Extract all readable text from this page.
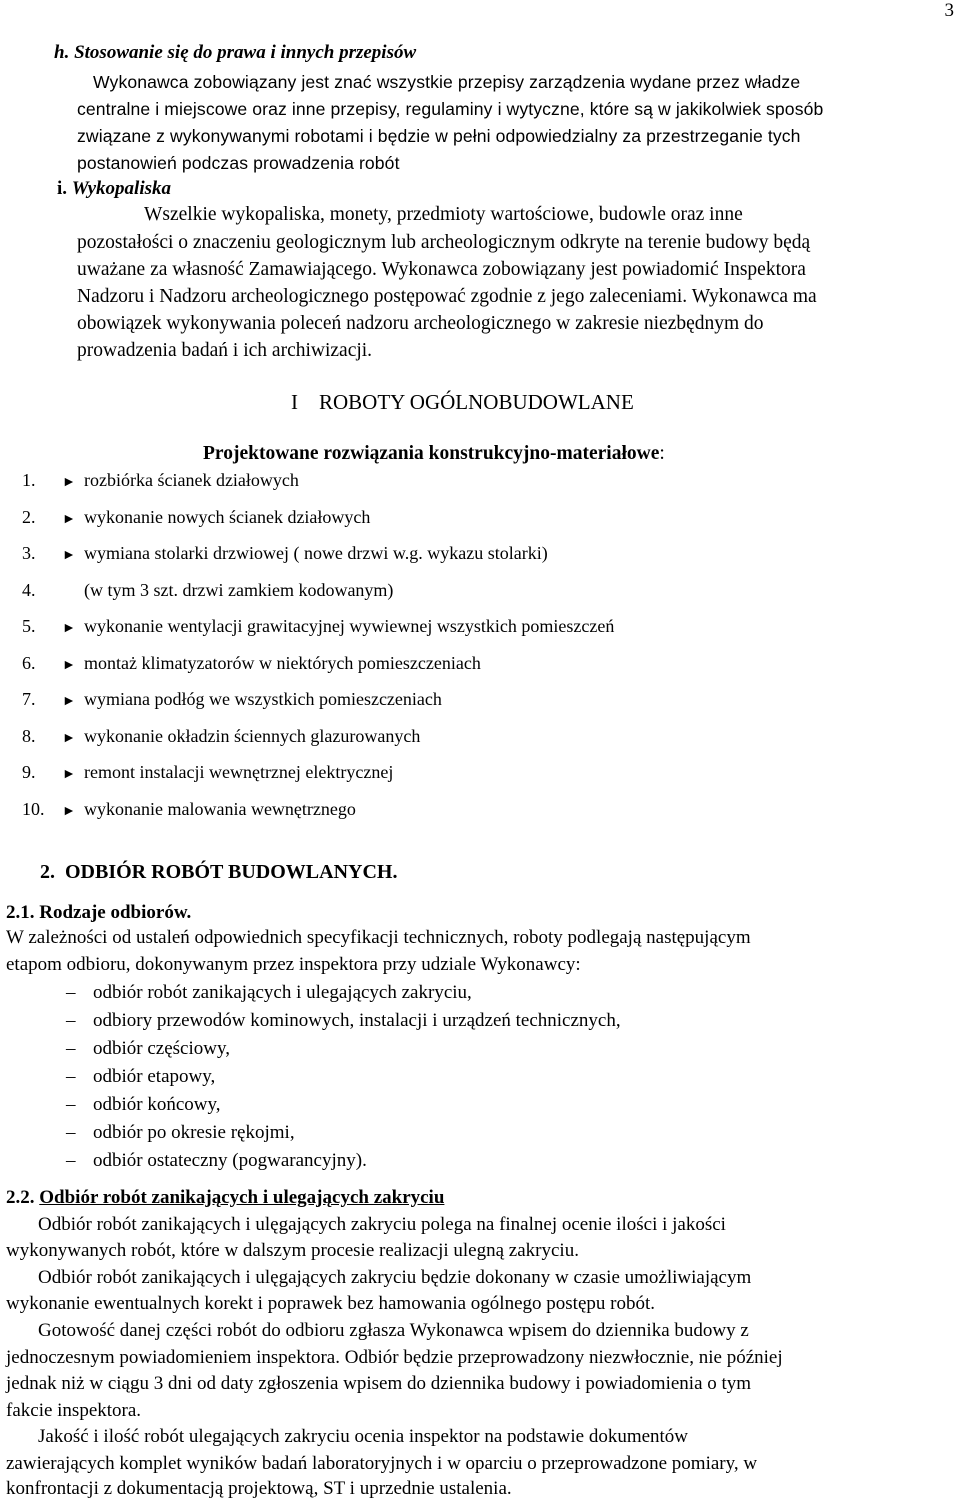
3
h. Stosowanie się do prawa i innych przepisów
Wykonawca zobowiązany jest znać wszystkie przepisy zarządzenia wydane przez władze
centralne i miejscowe oraz inne przepisy, regulaminy i wytyczne, które są w jakikolwiek sposób
związane z wykonywanymi robotami i będzie w pełni odpowiedzialny za przestrzeganie tych
postanowień podczas prowadzenia robót
i. Wykopaliska
Wszelkie wykopaliska, monety, przedmioty wartościowe, budowle oraz inne
pozostałości o znaczeniu geologicznym lub archeologicznym odkryte na terenie budowy będą
uważane za własność Zamawiającego. Wykonawca zobowiązany jest powiadomić Inspektora
Nadzoru i Nadzoru archeologicznego postępować zgodnie z jego zaleceniami. Wykonawca ma
obowiązek wykonywania poleceń nadzoru archeologicznego w zakresie niezbędnym do
prowadzenia badań i ich archiwizacji.
I    ROBOTY OGÓLNOBUDOWLANE
Projektowane rozwiązania konstrukcyjno-materiałowe:
1. ► rozbiórka ścianek działowych
2. ► wykonanie nowych ścianek działowych
3. ► wymiana stolarki drzwiowej ( nowe drzwi w.g. wykazu stolarki)
4.	(w tym 3 szt. drzwi zamkiem kodowanym)
5. ► wykonanie wentylacji grawitacyjnej wywiewnej wszystkich pomieszczeń
6. ► montaż klimatyzatorów w niektórych pomieszczeniach
7. ► wymiana podłóg we wszystkich pomieszczeniach
8. ► wykonanie okładzin ściennych glazurowanych
9. ► remont instalacji wewnętrznej elektrycznej
10. ► wykonanie malowania wewnętrznego
2.  ODBIÓR ROBÓT BUDOWLANYCH.
2.1. Rodzaje odbiorów.
W zależności od ustaleń odpowiednich specyfikacji technicznych, roboty podlegają następującym
etapom odbioru, dokonywanym przez inspektora przy udziale Wykonawcy:
– odbiór robót zanikających i ulegających zakryciu,
– odbiory przewodów kominowych, instalacji i urządzeń technicznych,
– odbiór częściowy,
– odbiór etapowy,
– odbiór końcowy,
– odbiór po okresie rękojmi,
– odbiór ostateczny (pogwarancyjny).
2.2. Odbiór robót zanikających i ulegających zakryciu
Odbiór robót zanikających i ulęgających zakryciu polega na finalnej ocenie ilości i jakości
wykonywanych robót, które w dalszym procesie realizacji ulegną zakryciu.
Odbiór robót zanikających i ulęgających zakryciu będzie dokonany w czasie umożliwiającym
wykonanie ewentualnych korekt i poprawek bez hamowania ogólnego postępu robót.
Gotowość danej części robót do odbioru zgłasza Wykonawca wpisem do dziennika budowy z
jednoczesnym powiadomieniem inspektora. Odbiór będzie przeprowadzony niezwłocznie, nie później
jednak niż w ciągu 3 dni od daty zgłoszenia wpisem do dziennika budowy i powiadomienia o tym
fakcie inspektora.
Jakość i ilość robót ulegających zakryciu ocenia inspektor na podstawie dokumentów
zawierających komplet wyników badań laboratoryjnych i w oparciu o przeprowadzone pomiary, w
konfrontacji z dokumentacją projektową, ST i uprzednie ustalenia.
